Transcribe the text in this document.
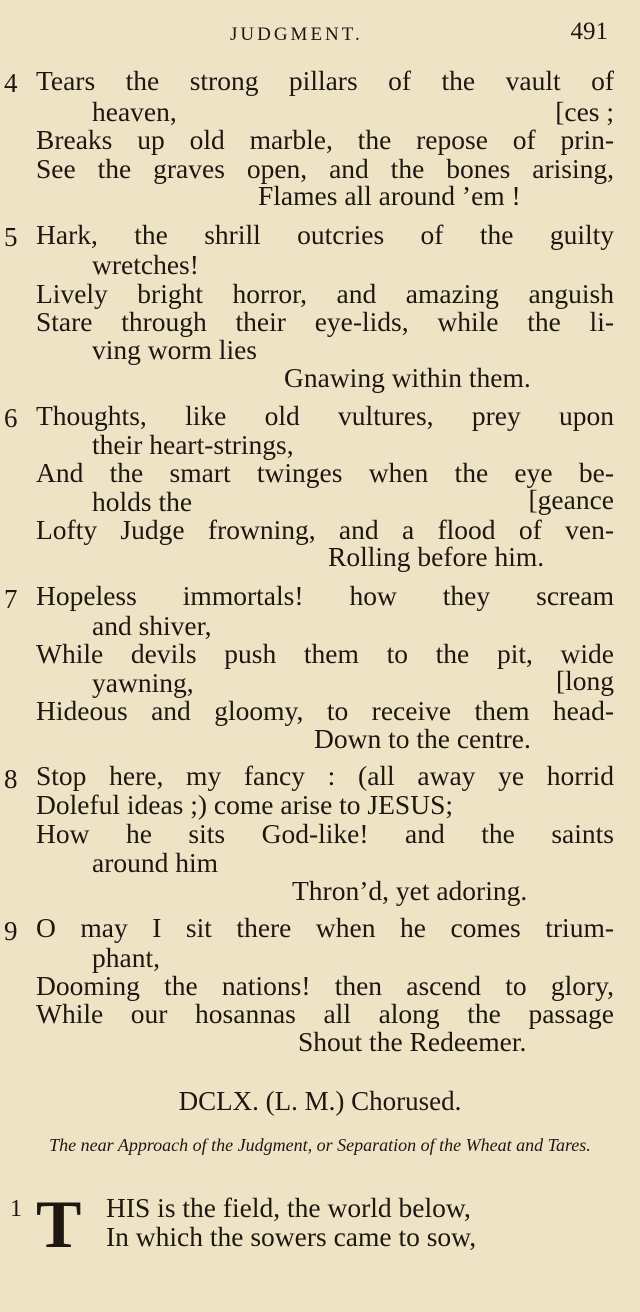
JUDGMENT.	491
4 Tears the strong pillars of the vault of
heaven,	[ces ;
Breaks up old marble, the repose of prin-
See the graves open, and the bones arising,
Flames all around ’em !
5 Hark, the shrill outcries of the guilty
wretches!
Lively bright horror, and amazing anguish
Stare through their eye-lids, while the li-
ving worm lies
Gnawing within them.
6 Thoughts, like old vultures, prey upon
their heart-strings,
And the smart twinges when the eye be-
holds the	[geance
Lofty Judge frowning, and a flood of ven-
Rolling before him.
7 Hopeless immortals! how they scream
and shiver,
While devils push them to the pit, wide
yawning,	[long
Hideous and gloomy, to receive them head-
Down to the centre.
8 Stop here, my fancy : (all away ye horrid
Doleful ideas ;) come arise to JESUS;
How he sits God-like! and the saints
around him
Thron’d, yet adoring.
9 O may I sit there when he comes trium-
phant,
Dooming the nations! then ascend to glory,
While our hosannas all along the passage
Shout the Redeemer.
DCLX. (L. M.) Chorused.
The near Approach of the Judgment, or Separation of the Wheat and Tares.
1 T HIS is the field, the world below,
In which the sowers came to sow,
